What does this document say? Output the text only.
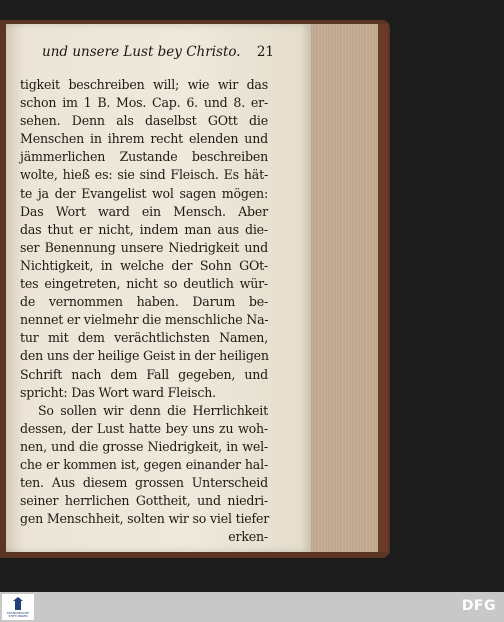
und unsere Lust bey Christo. 21
tigkeit beschreiben will; wie wir das
schon im 1 B. Mos. Cap. 6. und 8. er-
sehen. Denn als daselbst GOtt die
Menschen in ihrem recht elenden und
jämmerlichen Zustande beschreiben
wolte, hieß es: sie sind Fleisch. Es hät-
te ja der Evangelist wol sagen mögen:
Das Wort ward ein Mensch. Aber
das thut er nicht, indem man aus die-
ser Benennung unsere Niedrigkeit und
Nichtigkeit, in welche der Sohn GOt-
tes eingetreten, nicht so deutlich wür-
de vernommen haben. Darum be-
nennet er vielmehr die menschliche Na-
tur mit dem verächtlichsten Namen,
den uns der heilige Geist in der heiligen
Schrift nach dem Fall gegeben, und
spricht: Das Wort ward Fleisch.
So sollen wir denn die Herrlichkeit
dessen, der Lust hatte bey uns zu woh-
nen, und die grosse Niedrigkeit, in wel-
che er kommen ist, gegen einander hal-
ten. Aus diesem grossen Unterscheid
seiner herrlichen Gottheit, und niedri-
gen Menschheit, solten wir so viel tiefer
erken-
FRANCKESCHE
STIFTUNGEN
DFG
